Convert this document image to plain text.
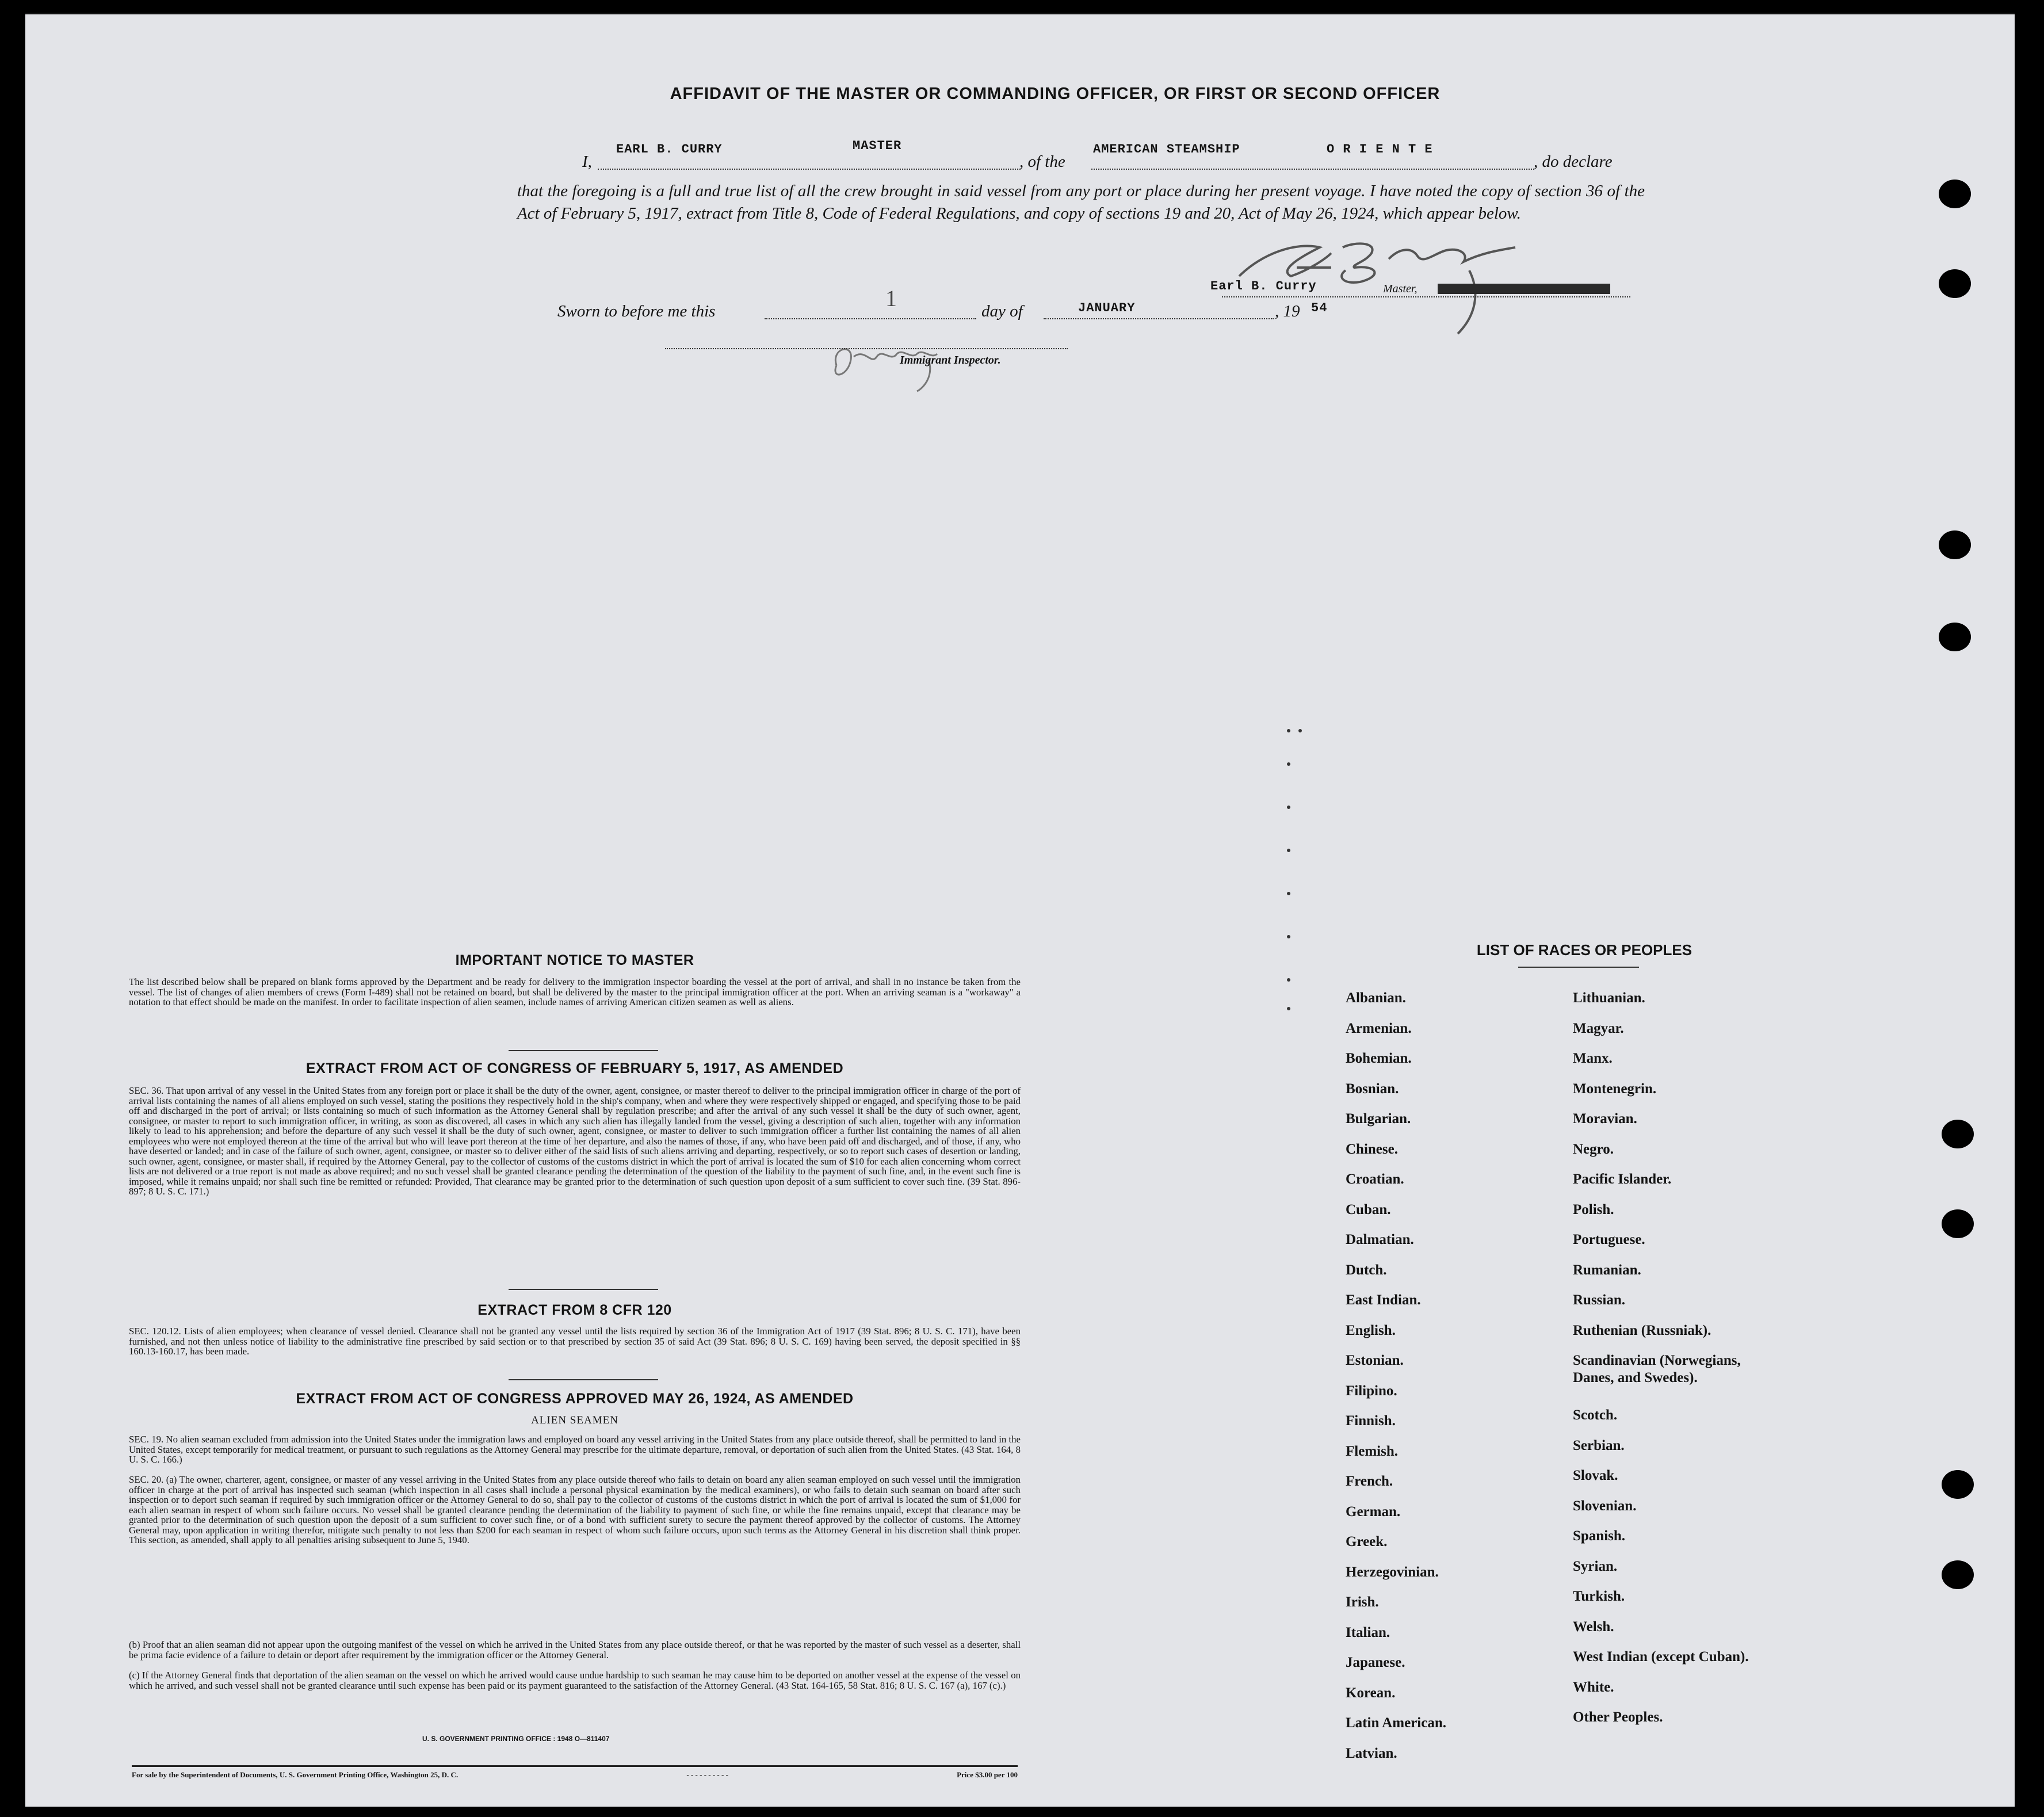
AFFIDAVIT OF THE MASTER OR COMMANDING OFFICER, OR FIRST OR SECOND OFFICER
I,
EARL B. CURRY	MASTER
, of the
AMERICAN STEAMSHIP	O R I E N T E
, do declare
that the foregoing is a full and true list of all the crew brought in said vessel from any port or place during her present voyage. I have noted the copy of section 36 of the Act of February 5, 1917, extract from Title 8, Code of Federal Regulations, and copy of sections 19 and 20, Act of May 26, 1924, which appear below.
Earl B. Curry	Master,
Sworn to before me this	1	day of	JANUARY	, 19 54
Immigrant Inspector.
IMPORTANT NOTICE TO MASTER
The list described below shall be prepared on blank forms approved by the Department and be ready for delivery to the immigration inspector boarding the vessel at the port of arrival, and shall in no instance be taken from the vessel. The list of changes of alien members of crews (Form I-489) shall not be retained on board, but shall be delivered by the master to the principal immigration officer at the port. When an arriving seaman is a "workaway" a notation to that effect should be made on the manifest. In order to facilitate inspection of alien seamen, include names of arriving American citizen seamen as well as aliens.
EXTRACT FROM ACT OF CONGRESS OF FEBRUARY 5, 1917, AS AMENDED
SEC. 36. That upon arrival of any vessel in the United States from any foreign port or place it shall be the duty of the owner, agent, consignee, or master thereof to deliver to the principal immigration officer in charge of the port of arrival lists containing the names of all aliens employed on such vessel, stating the positions they respectively hold in the ship's company, when and where they were respectively shipped or engaged, and specifying those to be paid off and discharged in the port of arrival; or lists containing so much of such information as the Attorney General shall by regulation prescribe; and after the arrival of any such vessel it shall be the duty of such owner, agent, consignee, or master to report to such immigration officer, in writing, as soon as discovered, all cases in which any such alien has illegally landed from the vessel, giving a description of such alien, together with any information likely to lead to his apprehension; and before the departure of any such vessel it shall be the duty of such owner, agent, consignee, or master to deliver to such immigration officer a further list containing the names of all alien employees who were not employed thereon at the time of the arrival but who will leave port thereon at the time of her departure, and also the names of those, if any, who have been paid off and discharged, and of those, if any, who have deserted or landed; and in case of the failure of such owner, agent, consignee, or master so to deliver either of the said lists of such aliens arriving and departing, respectively, or so to report such cases of desertion or landing, such owner, agent, consignee, or master shall, if required by the Attorney General, pay to the collector of customs of the customs district in which the port of arrival is located the sum of $10 for each alien concerning whom correct lists are not delivered or a true report is not made as above required; and no such vessel shall be granted clearance pending the determination of the question of the liability to the payment of such fine, and, in the event such fine is imposed, while it remains unpaid; nor shall such fine be remitted or refunded: Provided, That clearance may be granted prior to the determination of such question upon deposit of a sum sufficient to cover such fine. (39 Stat. 896-897; 8 U. S. C. 171.)
EXTRACT FROM 8 CFR 120
SEC. 120.12. Lists of alien employees; when clearance of vessel denied. Clearance shall not be granted any vessel until the lists required by section 36 of the Immigration Act of 1917 (39 Stat. 896; 8 U. S. C. 171), have been furnished, and not then unless notice of liability to the administrative fine prescribed by said section or to that prescribed by section 35 of said Act (39 Stat. 896; 8 U. S. C. 169) having been served, the deposit specified in §§ 160.13-160.17, has been made.
EXTRACT FROM ACT OF CONGRESS APPROVED MAY 26, 1924, AS AMENDED
ALIEN SEAMEN
SEC. 19. No alien seaman excluded from admission into the United States under the immigration laws and employed on board any vessel arriving in the United States from any place outside thereof, shall be permitted to land in the United States, except temporarily for medical treatment, or pursuant to such regulations as the Attorney General may prescribe for the ultimate departure, removal, or deportation of such alien from the United States. (43 Stat. 164, 8 U. S. C. 166.)
SEC. 20. (a) The owner, charterer, agent, consignee, or master of any vessel arriving in the United States from any place outside thereof who fails to detain on board any alien seaman employed on such vessel until the immigration officer in charge at the port of arrival has inspected such seaman (which inspection in all cases shall include a personal physical examination by the medical examiners), or who fails to detain such seaman on board after such inspection or to deport such seaman if required by such immigration officer or the Attorney General to do so, shall pay to the collector of customs of the customs district in which the port of arrival is located the sum of $1,000 for each alien seaman in respect of whom such failure occurs. No vessel shall be granted clearance pending the determination of the liability to payment of such fine, or while the fine remains unpaid, except that clearance may be granted prior to the determination of such question upon the deposit of a sum sufficient to cover such fine, or of a bond with sufficient surety to secure the payment thereof approved by the collector of customs. The Attorney General may, upon application in writing therefor, mitigate such penalty to not less than $200 for each seaman in respect of whom such failure occurs, upon such terms as the Attorney General in his discretion shall think proper. This section, as amended, shall apply to all penalties arising subsequent to June 5, 1940.
(b) Proof that an alien seaman did not appear upon the outgoing manifest of the vessel on which he arrived in the United States from any place outside thereof, or that he was reported by the master of such vessel as a deserter, shall be prima facie evidence of a failure to detain or deport after requirement by the immigration officer or the Attorney General.
(c) If the Attorney General finds that deportation of the alien seaman on the vessel on which he arrived would cause undue hardship to such seaman he may cause him to be deported on another vessel at the expense of the vessel on which he arrived, and such vessel shall not be granted clearance until such expense has been paid or its payment guaranteed to the satisfaction of the Attorney General. (43 Stat. 164-165, 58 Stat. 816; 8 U. S. C. 167 (a), 167 (c).)
U. S. GOVERNMENT PRINTING OFFICE : 1948 O—811407
For sale by the Superintendent of Documents, U. S. Government Printing Office, Washington 25, D. C.	- - - - - - - - - -	Price $3.00 per 100
LIST OF RACES OR PEOPLES
Albanian.
Armenian.
Bohemian.
Bosnian.
Bulgarian.
Chinese.
Croatian.
Cuban.
Dalmatian.
Dutch.
East Indian.
English.
Estonian.
Filipino.
Finnish.
Flemish.
French.
German.
Greek.
Herzegovinian.
Irish.
Italian.
Japanese.
Korean.
Latin American.
Latvian.
Lithuanian.
Magyar.
Manx.
Montenegrin.
Moravian.
Negro.
Pacific Islander.
Polish.
Portuguese.
Rumanian.
Russian.
Ruthenian (Russniak).
Scandinavian (Norwegians,
Danes, and Swedes).
Scotch.
Serbian.
Slovak.
Slovenian.
Spanish.
Syrian.
Turkish.
Welsh.
West Indian (except Cuban).
White.
Other Peoples.
